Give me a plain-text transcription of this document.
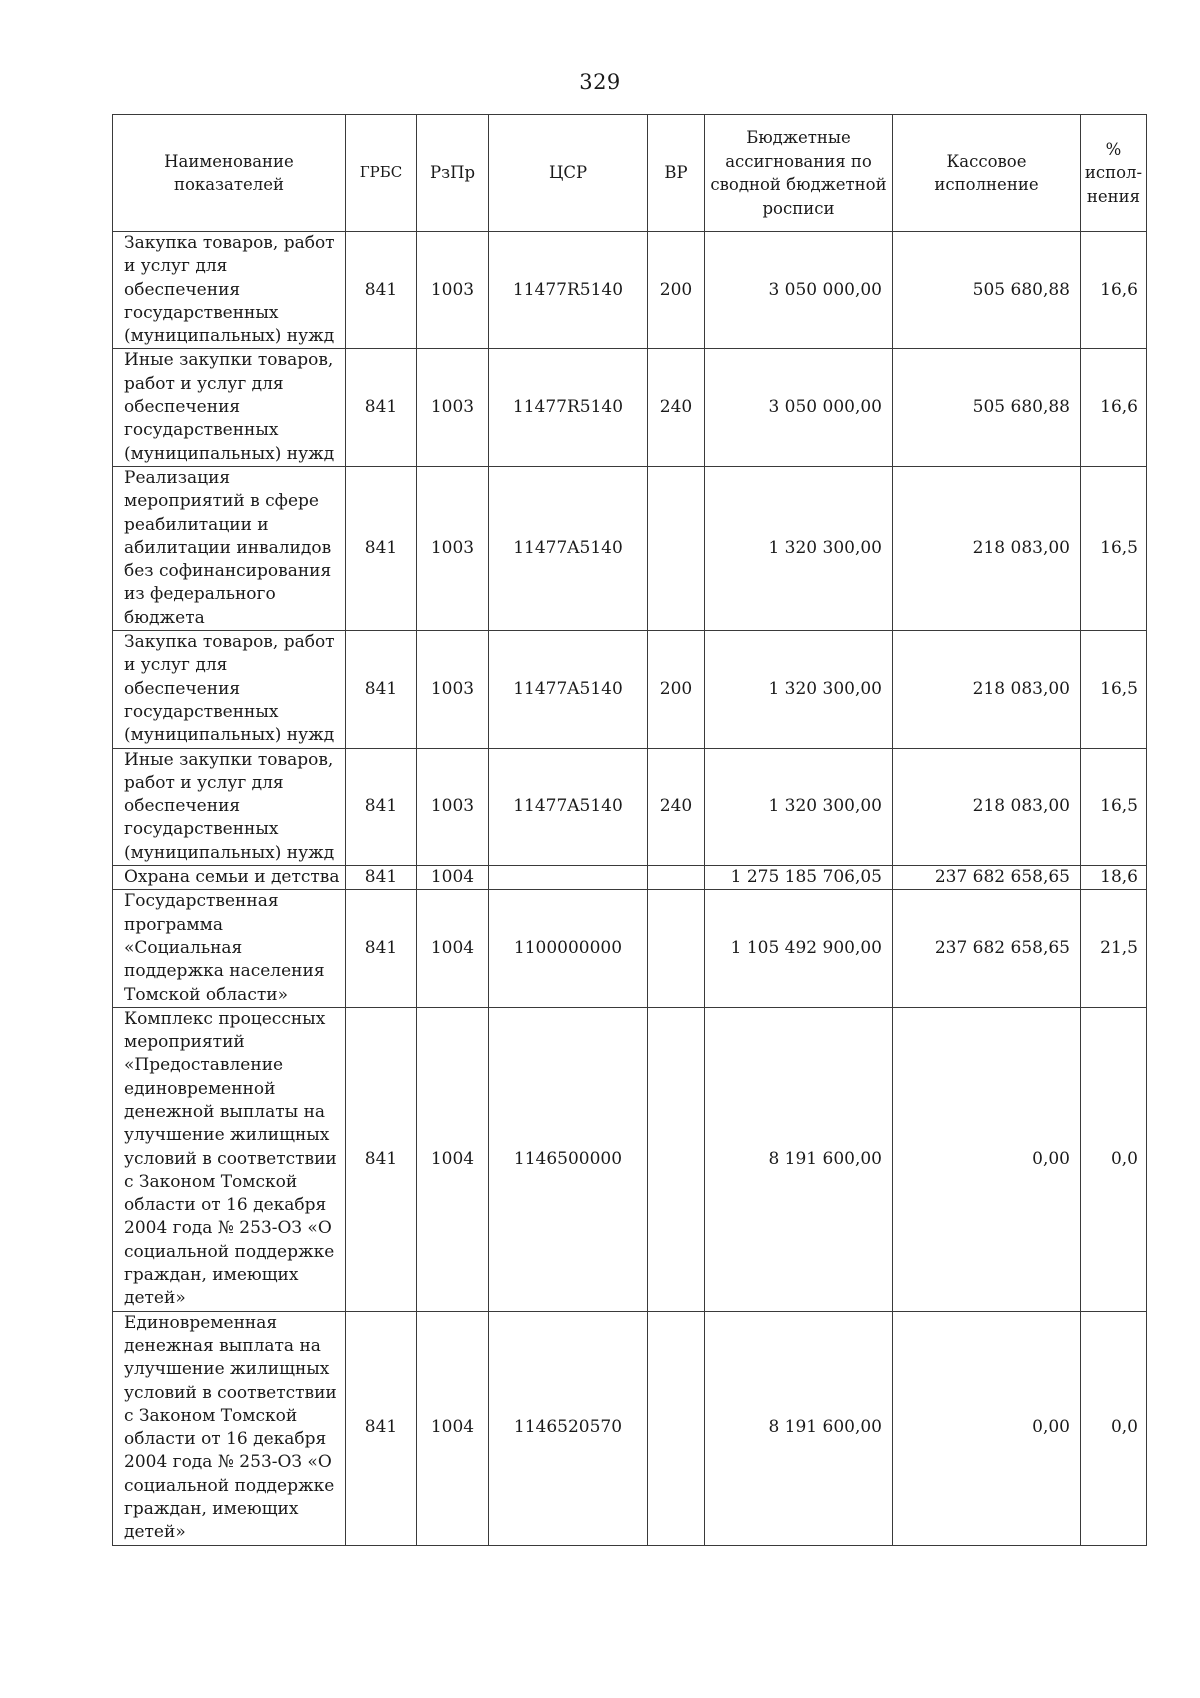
329
Наименование показателей	ГРБС	РзПр	ЦСР	ВР	Бюджетные ассигнования по сводной бюджетной росписи	Кассовое исполнение	% испол-нения
Закупка товаров, работ и услуг для обеспечения государственных (муниципальных) нужд	841	1003	11477R5140	200	3 050 000,00	505 680,88	16,6
Иные закупки товаров, работ и услуг для обеспечения государственных (муниципальных) нужд	841	1003	11477R5140	240	3 050 000,00	505 680,88	16,6
Реализация мероприятий в сфере реабилитации и абилитации инвалидов без софинансирования из федерального бюджета	841	1003	11477A5140		1 320 300,00	218 083,00	16,5
Закупка товаров, работ и услуг для обеспечения государственных (муниципальных) нужд	841	1003	11477A5140	200	1 320 300,00	218 083,00	16,5
Иные закупки товаров, работ и услуг для обеспечения государственных (муниципальных) нужд	841	1003	11477A5140	240	1 320 300,00	218 083,00	16,5
Охрана семьи и детства	841	1004			1 275 185 706,05	237 682 658,65	18,6
Государственная программа «Социальная поддержка населения Томской области»	841	1004	1100000000		1 105 492 900,00	237 682 658,65	21,5
Комплекс процессных мероприятий «Предоставление единовременной денежной выплаты на улучшение жилищных условий в соответствии с Законом Томской области от 16 декабря 2004 года № 253-ОЗ «О социальной поддержке граждан, имеющих детей»	841	1004	1146500000		8 191 600,00	0,00	0,0
Единовременная денежная выплата на улучшение жилищных условий в соответствии с Законом Томской области от 16 декабря 2004 года № 253-ОЗ «О социальной поддержке граждан, имеющих детей»	841	1004	1146520570		8 191 600,00	0,00	0,0
